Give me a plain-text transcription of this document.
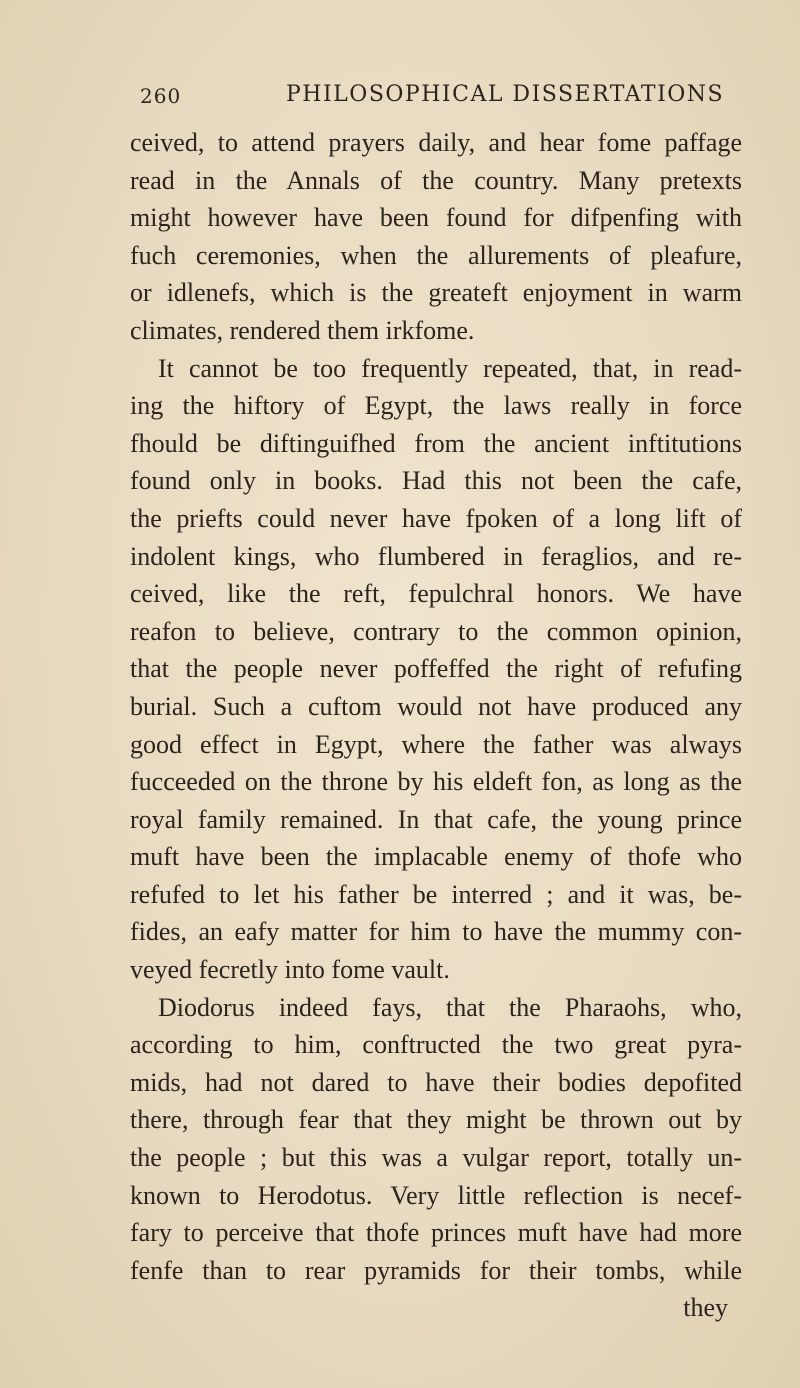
260	PHILOSOPHICAL DISSERTATIONS
ceived, to attend prayers daily, and hear fome paffage
read in the Annals of the country. Many pretexts
might however have been found for difpenfing with
fuch ceremonies, when the allurements of pleafure,
or idlenefs, which is the greateft enjoyment in warm
climates, rendered them irkfome.
It cannot be too frequently repeated, that, in read-
ing the hiftory of Egypt, the laws really in force
fhould be diftinguifhed from the ancient inftitutions
found only in books. Had this not been the cafe,
the priefts could never have fpoken of a long lift of
indolent kings, who flumbered in feraglios, and re-
ceived, like the reft, fepulchral honors. We have
reafon to believe, contrary to the common opinion,
that the people never poffeffed the right of refufing
burial. Such a cuftom would not have produced any
good effect in Egypt, where the father was always
fucceeded on the throne by his eldeft fon, as long as the
royal family remained. In that cafe, the young prince
muft have been the implacable enemy of thofe who
refufed to let his father be interred ; and it was, be-
fides, an eafy matter for him to have the mummy con-
veyed fecretly into fome vault.
Diodorus indeed fays, that the Pharaohs, who,
according to him, conftructed the two great pyra-
mids, had not dared to have their bodies depofited
there, through fear that they might be thrown out by
the people ; but this was a vulgar report, totally un-
known to Herodotus. Very little reflection is necef-
fary to perceive that thofe princes muft have had more
fenfe than to rear pyramids for their tombs, while
they
